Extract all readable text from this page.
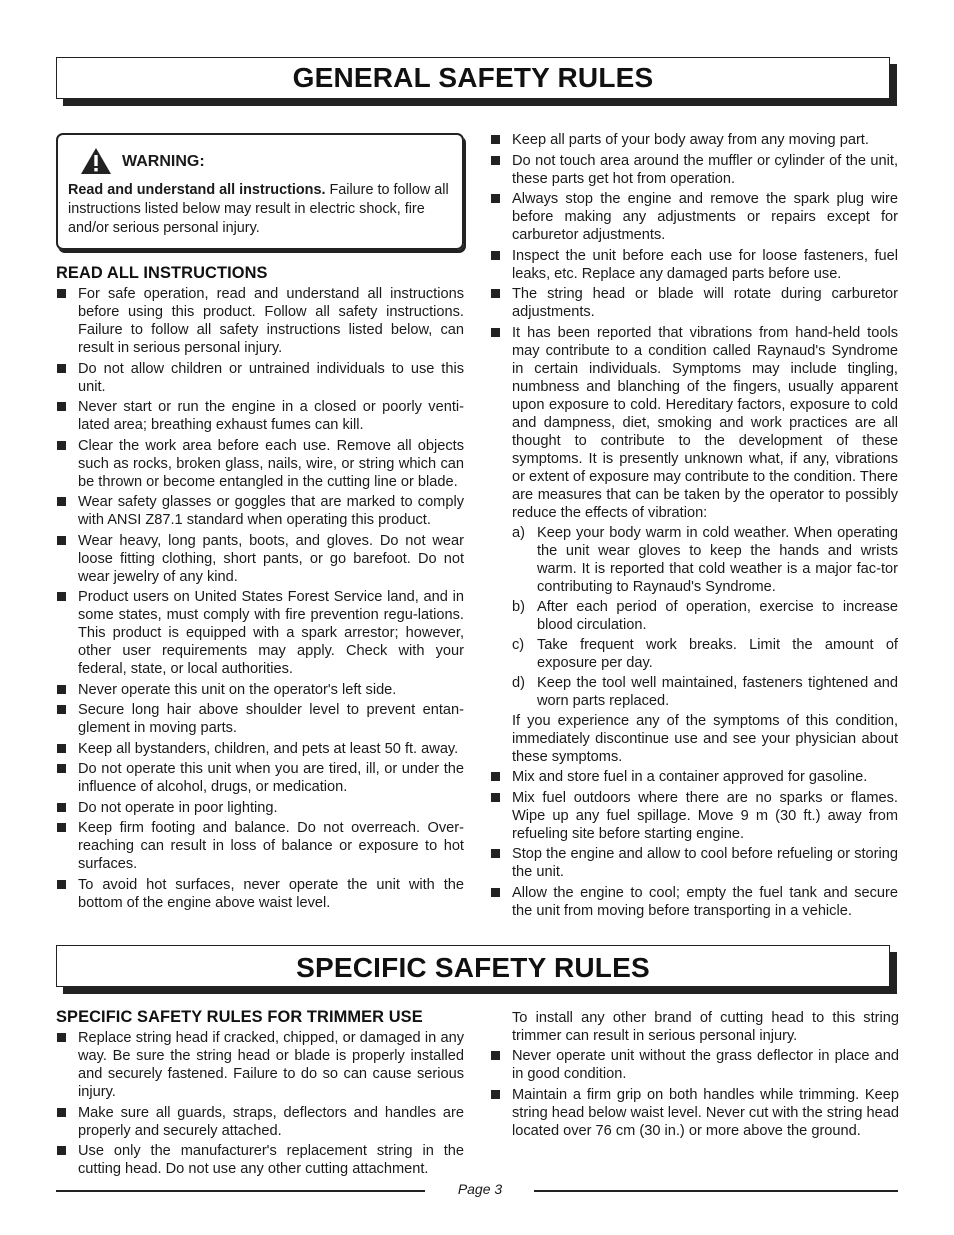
GENERAL SAFETY RULES
WARNING:
Read and understand all instructions. Failure to follow all instructions listed below may result in electric shock, fire and/or serious personal injury.
READ ALL INSTRUCTIONS
For safe operation, read and understand all instructions before using this product. Follow all safety instructions. Failure to follow all safety instructions listed below, can result in serious personal injury.
Do not allow children or untrained individuals to use this unit.
Never start or run the engine in a closed or poorly venti-lated area; breathing exhaust fumes can kill.
Clear the work area before each use. Remove all objects such as rocks, broken glass, nails, wire, or string which can be thrown or become entangled in the cutting line or blade.
Wear safety glasses or goggles that are marked to comply with ANSI Z87.1 standard when operating this product.
Wear heavy, long pants, boots, and gloves. Do not wear loose fitting clothing, short pants, or go barefoot. Do not wear jewelry of any kind.
Product users on United States Forest Service land, and in some states, must comply with fire prevention regu-lations. This product is equipped with a spark arrestor; however, other user requirements may apply. Check with your federal, state, or local authorities.
Never operate this unit on the operator's left side.
Secure long hair above shoulder level to prevent entan-glement in moving parts.
Keep all bystanders, children, and pets at least 50 ft. away.
Do not operate this unit when you are tired, ill, or under the influence of alcohol, drugs, or medication.
Do not operate in poor lighting.
Keep firm footing and balance. Do not overreach. Over-reaching can result in loss of balance or exposure to hot surfaces.
To avoid hot surfaces, never operate the unit with the bottom of the engine above waist level.
Keep all parts of your body away from any moving part.
Do not touch area around the muffler or cylinder of the unit, these parts get hot from operation.
Always stop the engine and remove the spark plug wire before making any adjustments or repairs except for carburetor adjustments.
Inspect the unit before each use for loose fasteners, fuel leaks, etc. Replace any damaged parts before use.
The string head or blade will rotate during carburetor adjustments.
It has been reported that vibrations from hand-held tools may contribute to a condition called Raynaud's Syndrome in certain individuals. Symptoms may include tingling, numbness and blanching of the fingers, usually apparent upon exposure to cold. Hereditary factors, exposure to cold and dampness, diet, smoking and work practices are all thought to contribute to the development of these symptoms. It is presently unknown what, if any, vibrations or extent of exposure may contribute to the condition. There are measures that can be taken by the operator to possibly reduce the effects of vibration:
a) Keep your body warm in cold weather. When operating the unit wear gloves to keep the hands and wrists warm. It is reported that cold weather is a major fac-tor contributing to Raynaud's Syndrome.
b) After each period of operation, exercise to increase blood circulation.
c) Take frequent work breaks. Limit the amount of exposure per day.
d) Keep the tool well maintained, fasteners tightened and worn parts replaced.
If you experience any of the symptoms of this condition, immediately discontinue use and see your physician about these symptoms.
Mix and store fuel in a container approved for gasoline.
Mix fuel outdoors where there are no sparks or flames. Wipe up any fuel spillage. Move 9 m (30 ft.) away from refueling site before starting engine.
Stop the engine and allow to cool before refueling or storing the unit.
Allow the engine to cool; empty the fuel tank and secure the unit from moving before transporting in a vehicle.
SPECIFIC SAFETY RULES
SPECIFIC SAFETY RULES FOR TRIMMER USE
Replace string head if cracked, chipped, or damaged in any way. Be sure the string head or blade is properly installed and securely fastened. Failure to do so can cause serious injury.
Make sure all guards, straps, deflectors and handles are properly and securely attached.
Use only the manufacturer's replacement string in the cutting head. Do not use any other cutting attachment.
To install any other brand of cutting head to this string trimmer can result in serious personal injury.
Never operate unit without the grass deflector in place and in good condition.
Maintain a firm grip on both handles while trimming. Keep string head below waist level. Never cut with the string head located over 76 cm (30 in.) or more above the ground.
Page 3
